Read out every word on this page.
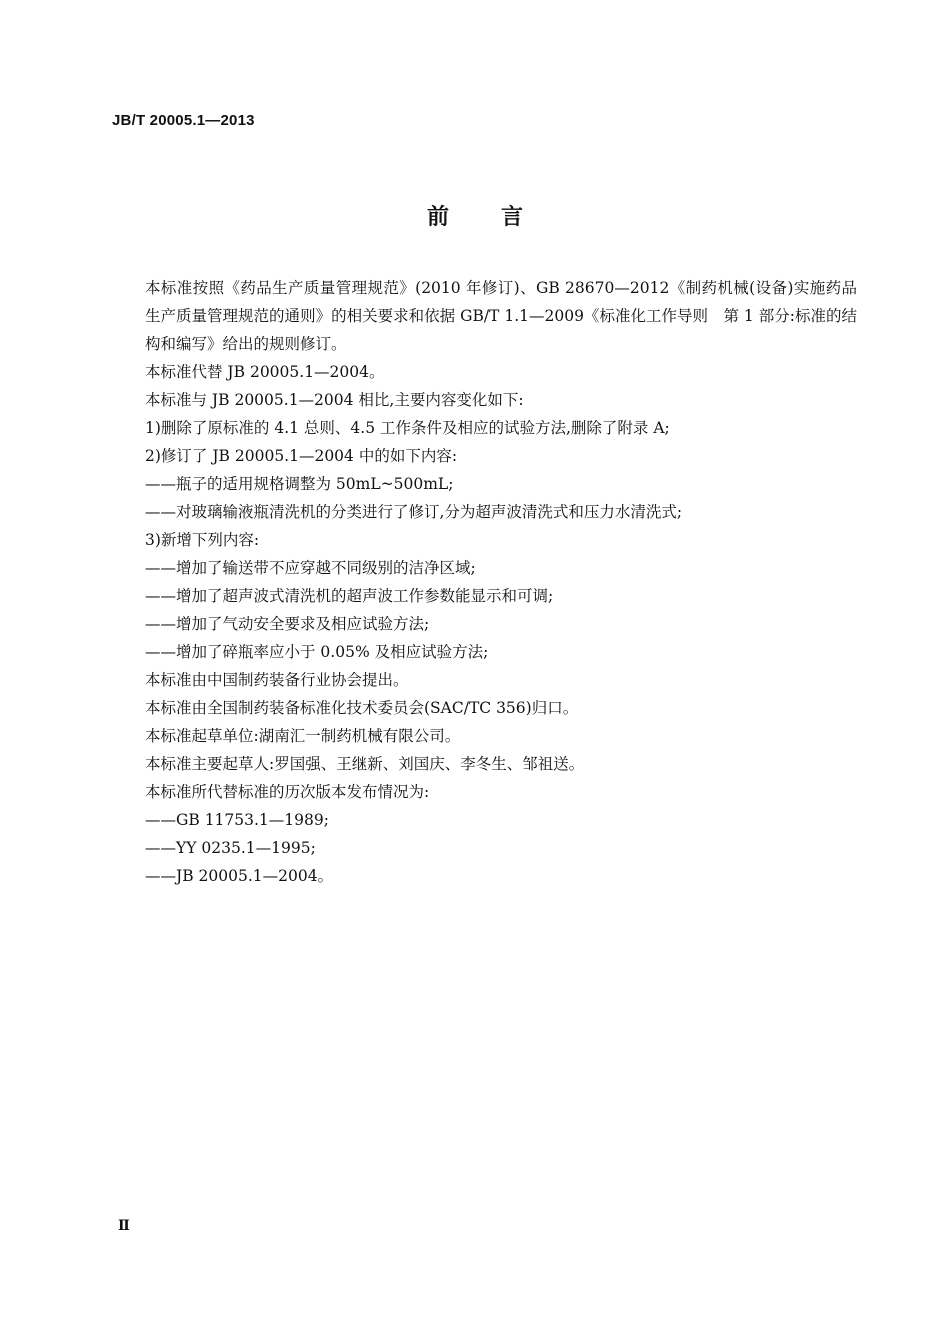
JB/T 20005.1—2013
前言

本标准按照《药品生产质量管理规范》(2010 年修订)、GB 28670—2012《制药机械(设备)实施药品生产质量管理规范的通则》的相关要求和依据 GB/T 1.1—2009《标准化工作导则　第 1 部分:标准的结构和编写》给出的规则修订。

本标准代替 JB 20005.1—2004。

本标准与 JB 20005.1—2004 相比,主要内容变化如下:

1)删除了原标准的 4.1 总则、4.5 工作条件及相应的试验方法,删除了附录 A;

2)修订了 JB 20005.1—2004 中的如下内容:

——瓶子的适用规格调整为 50mL~500mL;

——对玻璃输液瓶清洗机的分类进行了修订,分为超声波清洗式和压力水清洗式;

3)新增下列内容:

——增加了输送带不应穿越不同级别的洁净区域;

——增加了超声波式清洗机的超声波工作参数能显示和可调;

——增加了气动安全要求及相应试验方法;

——增加了碎瓶率应小于 0.05% 及相应试验方法;

本标准由中国制药装备行业协会提出。

本标准由全国制药装备标准化技术委员会(SAC/TC 356)归口。

本标准起草单位:湖南汇一制药机械有限公司。

本标准主要起草人:罗国强、王继新、刘国庆、李冬生、邹祖送。

本标准所代替标准的历次版本发布情况为:

——GB 11753.1—1989;

——YY 0235.1—1995;

——JB 20005.1—2004。

Ⅱ
